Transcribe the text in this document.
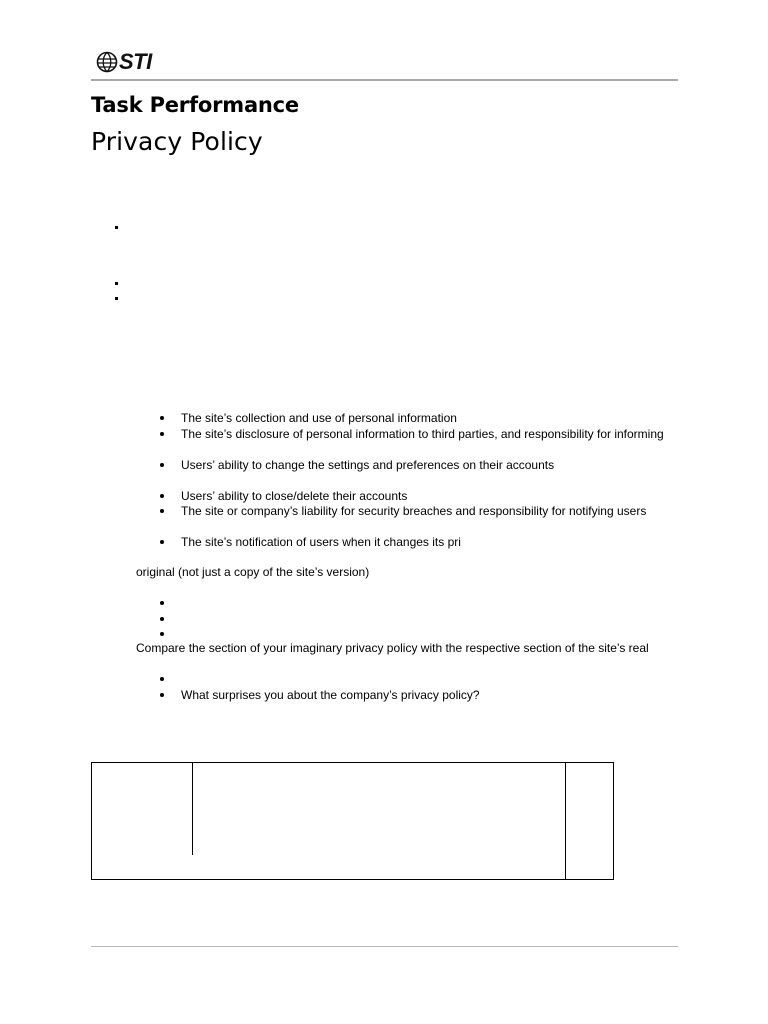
STI
Task Performance
Privacy Policy
The site’s collection and use of personal information
The site’s disclosure of personal information to third parties, and responsibility for informing
Users’ ability to change the settings and preferences on their accounts
Users’ ability to close/delete their accounts
The site or company’s liability for security breaches and responsibility for notifying users
The site’s notification of users when it changes its pri
original (not just a copy of the site’s version)
Compare the section of your imaginary privacy policy with the respective section of the site’s real
What surprises you about the company’s privacy policy?
